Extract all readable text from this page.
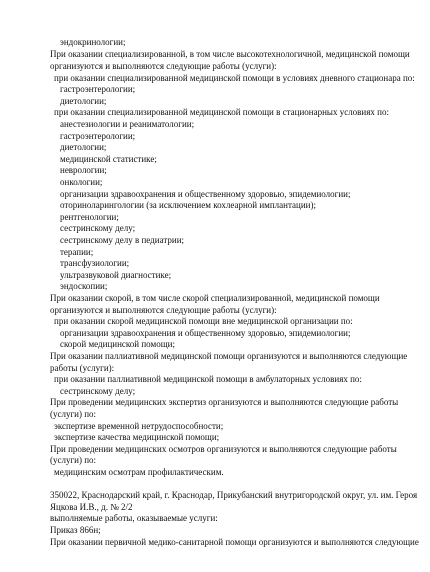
эндокринологии;
При оказании специализированной, в том числе высокотехнологичной, медицинской помощи
организуются и выполняются следующие работы (услуги):
при оказании специализированной медицинской помощи в условиях дневного стационара по:
гастроэнтерологии;
диетологии;
при оказании специализированной медицинской помощи в стационарных условиях по:
анестезиологии и реаниматологии;
гастроэнтерологии;
диетологии;
медицинской статистике;
неврологии;
онкологии;
организации здравоохранения и общественному здоровью, эпидемиологии;
оториноларингологии (за исключением кохлеарной имплантации);
рентгенологии;
сестринскому делу;
сестринскому делу в педиатрии;
терапии;
трансфузиологии;
ультразвуковой диагностике;
эндоскопии;
При оказании скорой, в том числе скорой специализированной, медицинской помощи
организуются и выполняются следующие работы (услуги):
при оказании скорой медицинской помощи вне медицинской организации по:
организации здравоохранения и общественному здоровью, эпидемиологии;
скорой медицинской помощи;
При оказании паллиативной медицинской помощи организуются и выполняются следующие
работы (услуги):
при оказании паллиативной медицинской помощи в амбулаторных условиях по:
сестринскому делу;
При проведении медицинских экспертиз организуются и выполняются следующие работы
(услуги) по:
экспертизе временной нетрудоспособности;
экспертизе качества медицинской помощи;
При проведении медицинских осмотров организуются и выполняются следующие работы
(услуги) по:
медицинским осмотрам профилактическим.
350022, Краснодарский край, г. Краснодар, Прикубанский внутригородской округ, ул. им. Героя
Яцкова И.В., д. № 2/2
выполняемые работы, оказываемые услуги:
Приказ 866н;
При оказании первичной медико-санитарной помощи организуются и выполняются следующие
